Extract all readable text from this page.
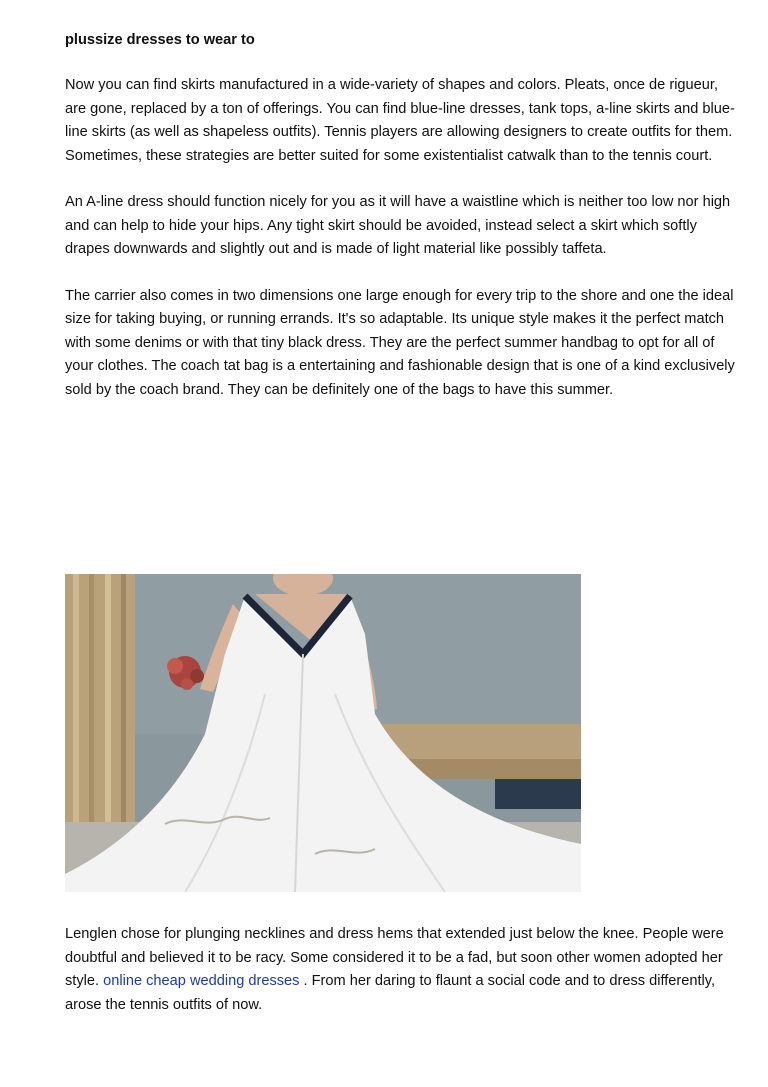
plussize dresses to wear to

Now you can find skirts manufactured in a wide-variety of shapes and colors. Pleats, once de rigueur, are gone, replaced by a ton of offerings. You can find blue-line dresses, tank tops, a-line skirts and blue-line skirts (as well as shapeless outfits). Tennis players are allowing designers to create outfits for them. Sometimes, these strategies are better suited for some existentialist catwalk than to the tennis court.

An A-line dress should function nicely for you as it will have a waistline which is neither too low nor high and can help to hide your hips. Any tight skirt should be avoided, instead select a skirt which softly drapes downwards and slightly out and is made of light material like possibly taffeta.

The carrier also comes in two dimensions one large enough for every trip to the shore and one the ideal size for taking buying, or running errands. It's so adaptable. Its unique style makes it the perfect match with some denims or with that tiny black dress. They are the perfect summer handbag to opt for all of your clothes. The coach tat bag is a entertaining and fashionable design that is one of a kind exclusively sold by the coach brand. They can be definitely one of the bags to have this summer.

Lenglen chose for plunging necklines and dress hems that extended just below the knee. People were doubtful and believed it to be racy. Some considered it to be a fad, but soon other women adopted her style. online cheap wedding dresses . From her daring to flaunt a social code and to dress differently, arose the tennis outfits of now.
